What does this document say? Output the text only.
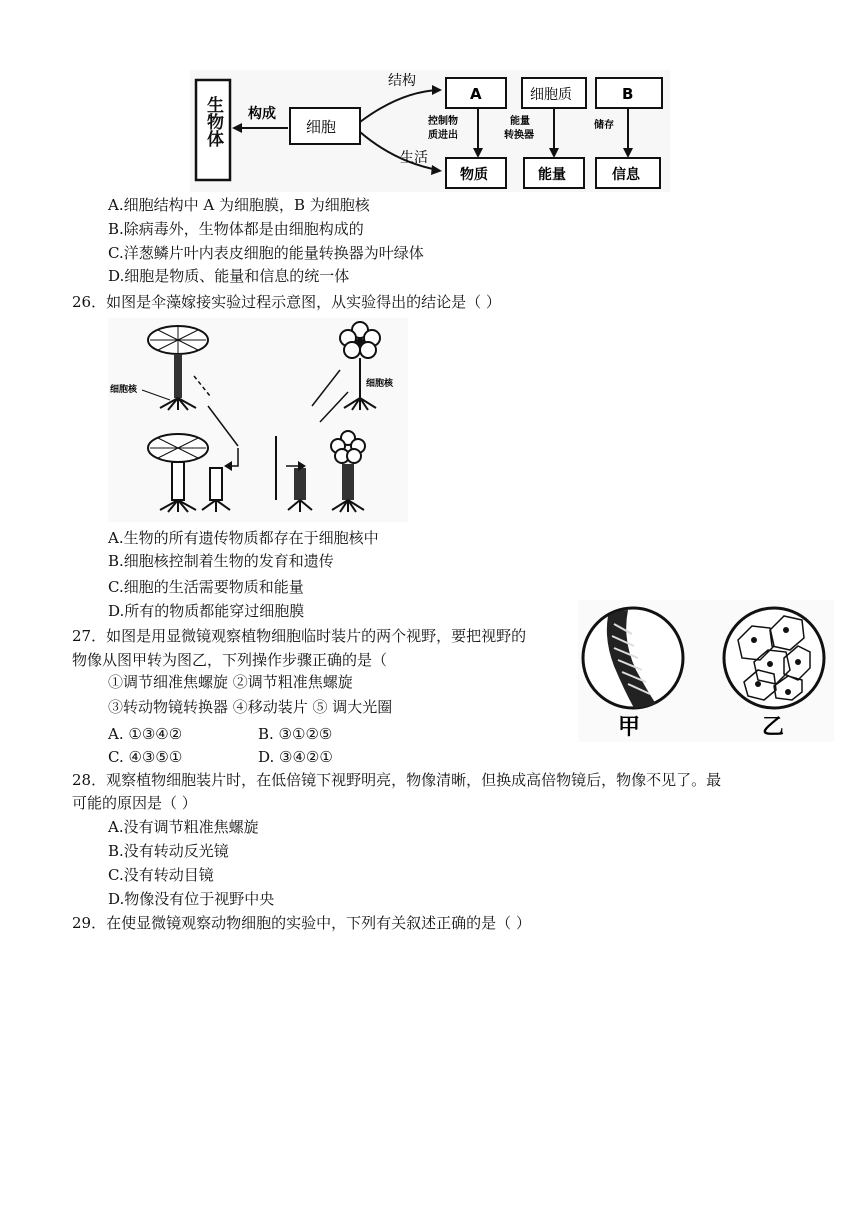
生物体 构成
细胞
结构
生活
A	细胞质	B
控制物
质进出
能量
转换器
储存
物质	能量	信息
A.细胞结构中 A 为细胞膜，B 为细胞核
B.除病毒外，生物体都是由细胞构成的
C.洋葱鳞片叶内表皮细胞的能量转换器为叶绿体
D.细胞是物质、能量和信息的统一体
26．如图是伞藻嫁接实验过程示意图，从实验得出的结论是（ ）
细胞核
细胞核
A.生物的所有遗传物质都存在于细胞核中
B.细胞核控制着生物的发育和遗传
C.细胞的生活需要物质和能量
D.所有的物质都能穿过细胞膜
27．如图是用显微镜观察植物细胞临时装片的两个视野，要把视野的
物像从图甲转为图乙，下列操作步骤正确的是（
①调节细准焦螺旋 ②调节粗准焦螺旋
③转动物镜转换器 ④移动装片 ⑤ 调大光圈
A. ①③④②	B. ③①②⑤
C. ④③⑤①	D. ③④②①
甲	乙
28．观察植物细胞装片时，在低倍镜下视野明亮，物像清晰，但换成高倍物镜后，物像不见了。最
可能的原因是（ ）
A.没有调节粗准焦螺旋
B.没有转动反光镜
C.没有转动目镜
D.物像没有位于视野中央
29．在使显微镜观察动物细胞的实验中，下列有关叙述正确的是（ ）
